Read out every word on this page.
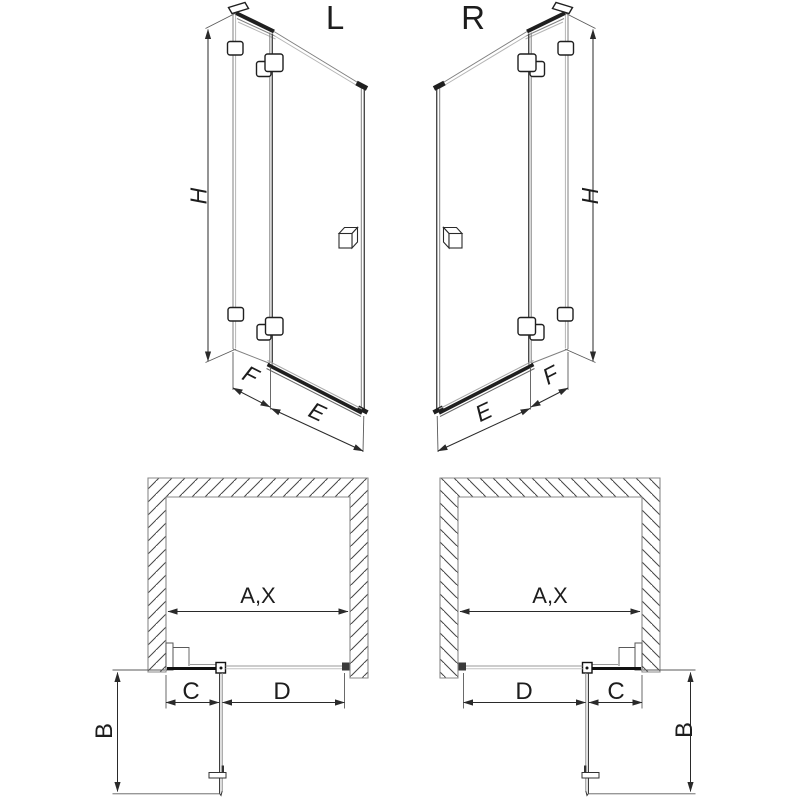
L
H
F
E
R
H
F
E
A,X
C	D
B
A,X
D	C
B
